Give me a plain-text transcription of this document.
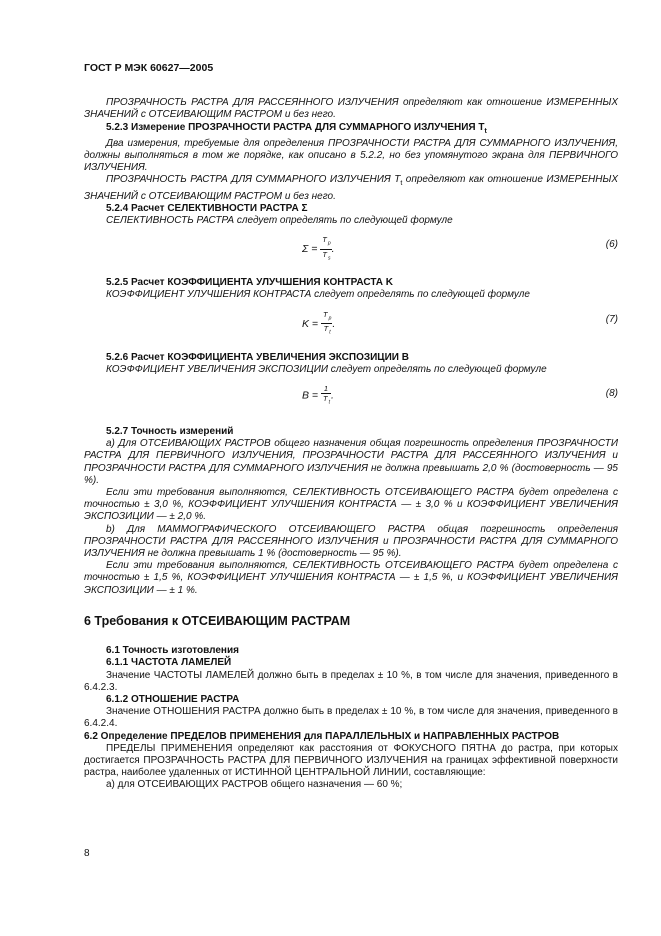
ГОСТ Р МЭК 60627—2005

ПРОЗРАЧНОСТЬ РАСТРА ДЛЯ РАССЕЯННОГО ИЗЛУЧЕНИЯ определяют как отношение ИЗМЕРЕННЫХ ЗНАЧЕНИЙ с ОТСЕИВАЮЩИМ РАСТРОМ и без него.

5.2.3 Измерение ПРОЗРАЧНОСТИ РАСТРА ДЛЯ СУММАРНОГО ИЗЛУЧЕНИЯ $T_t$

Два измерения, требуемые для определения ПРОЗРАЧНОСТИ РАСТРА ДЛЯ СУММАРНОГО ИЗЛУЧЕНИЯ, должны выполняться в том же порядке, как описано в 5.2.2, но без упомянутого экрана для ПЕРВИЧНОГО ИЗЛУЧЕНИЯ.

ПРОЗРАЧНОСТЬ РАСТРА ДЛЯ СУММАРНОГО ИЗЛУЧЕНИЯ $T_t$ определяют как отношение ИЗМЕРЕННЫХ ЗНАЧЕНИЙ с ОТСЕИВАЮЩИМ РАСТРОМ и без него.

5.2.4 Расчет СЕЛЕКТИВНОСТИ РАСТРА Σ

СЕЛЕКТИВНОСТЬ РАСТРА следует определять по следующей формуле

$\Sigma = \frac{T_p}{T_s}$ .	(6)

5.2.5 Расчет КОЭФФИЦИЕНТА УЛУЧШЕНИЯ КОНТРАСТА K

КОЭФФИЦИЕНТ УЛУЧШЕНИЯ КОНТРАСТА следует определять по следующей формуле

$K = \frac{T_p}{T_t}$ .	(7)

5.2.6 Расчет КОЭФФИЦИЕНТА УВЕЛИЧЕНИЯ ЭКСПОЗИЦИИ B

КОЭФФИЦИЕНТ УВЕЛИЧЕНИЯ ЭКСПОЗИЦИИ следует определять по следующей формуле

$B = \frac{1}{T_t}$ .	(8)

5.2.7 Точность измерений

а) Для ОТСЕИВАЮЩИХ РАСТРОВ общего назначения общая погрешность определения ПРОЗРАЧНОСТИ РАСТРА ДЛЯ ПЕРВИЧНОГО ИЗЛУЧЕНИЯ, ПРОЗРАЧНОСТИ РАСТРА ДЛЯ РАССЕЯННОГО ИЗЛУЧЕНИЯ и ПРОЗРАЧНОСТИ РАСТРА ДЛЯ СУММАРНОГО ИЗЛУЧЕНИЯ не должна превышать 2,0 % (достоверность — 95 %).

Если эти требования выполняются, СЕЛЕКТИВНОСТЬ ОТСЕИВАЮЩЕГО РАСТРА будет определена с точностью ± 3,0 %, КОЭФФИЦИЕНТ УЛУЧШЕНИЯ КОНТРАСТА — ± 3,0 % и КОЭФФИЦИЕНТ УВЕЛИЧЕНИЯ ЭКСПОЗИЦИИ — ± 2,0 %.

b) Для МАММОГРАФИЧЕСКОГО ОТСЕИВАЮЩЕГО РАСТРА общая погрешность определения ПРОЗРАЧНОСТИ РАСТРА ДЛЯ РАССЕЯННОГО ИЗЛУЧЕНИЯ и ПРОЗРАЧНОСТИ РАСТРА ДЛЯ СУММАРНОГО ИЗЛУЧЕНИЯ не должна превышать 1 % (достоверность — 95 %).

Если эти требования выполняются, СЕЛЕКТИВНОСТЬ ОТСЕИВАЮЩЕГО РАСТРА будет определена с точностью ± 1,5 %, КОЭФФИЦИЕНТ УЛУЧШЕНИЯ КОНТРАСТА — ± 1,5 %, и КОЭФФИЦИЕНТ УВЕЛИЧЕНИЯ ЭКСПОЗИЦИИ — ± 1 %.

6 Требования к ОТСЕИВАЮЩИМ РАСТРАМ

6.1 Точность изготовления

6.1.1 ЧАСТОТА ЛАМЕЛЕЙ

Значение ЧАСТОТЫ ЛАМЕЛЕЙ должно быть в пределах ± 10 %, в том числе для значения, приведенного в 6.4.2.3.

6.1.2 ОТНОШЕНИЕ РАСТРА

Значение ОТНОШЕНИЯ РАСТРА должно быть в пределах ± 10 %, в том числе для значения, приведенного в 6.4.2.4.

6.2 Определение ПРЕДЕЛОВ ПРИМЕНЕНИЯ для ПАРАЛЛЕЛЬНЫХ и НАПРАВЛЕННЫХ РАСТРОВ

ПРЕДЕЛЫ ПРИМЕНЕНИЯ определяют как расстояния от ФОКУСНОГО ПЯТНА до растра, при которых достигается ПРОЗРАЧНОСТЬ РАСТРА ДЛЯ ПЕРВИЧНОГО ИЗЛУЧЕНИЯ на границах эффективной поверхности растра, наиболее удаленных от ИСТИННОЙ ЦЕНТРАЛЬНОЙ ЛИНИИ, составляющие:

а) для ОТСЕИВАЮЩИХ РАСТРОВ общего назначения — 60 %;

8
